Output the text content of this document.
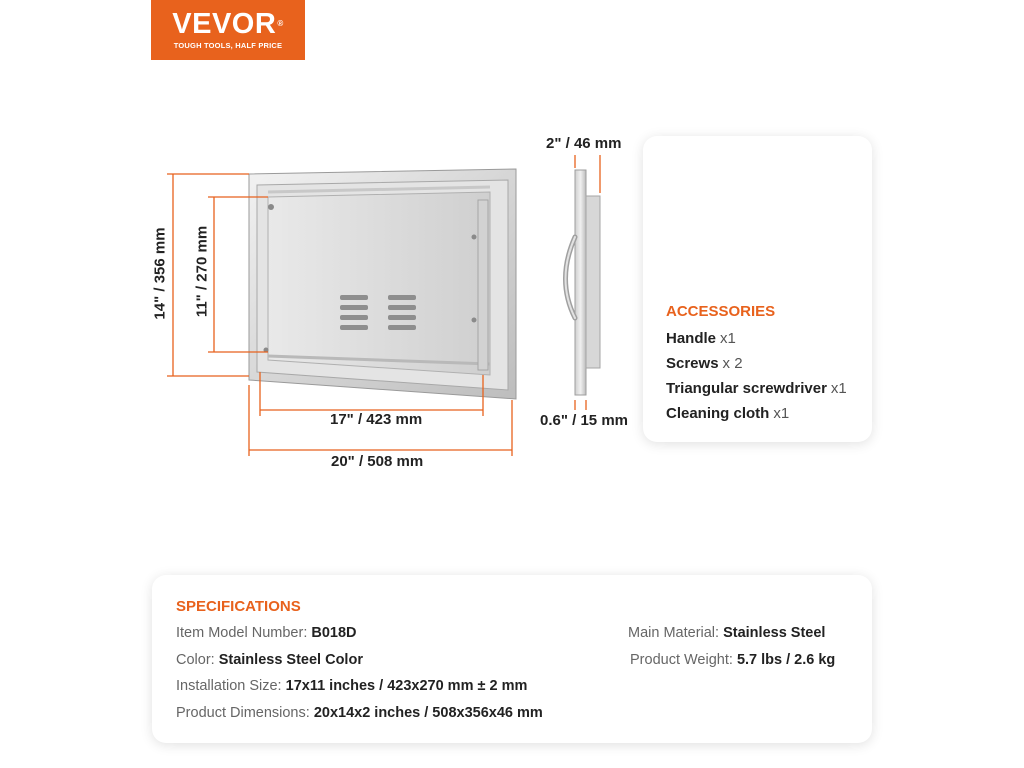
VEVOR®
TOUGH TOOLS, HALF PRICE
14" / 356 mm 11" / 270 mm
17" / 423 mm
20" / 508 mm
2" / 46 mm
0.6" / 15 mm
ACCESSORIES
Handle x1
Screws x 2
Triangular screwdriver x1
Cleaning cloth x1
SPECIFICATIONS
Item Model Number: B018D
Color: Stainless Steel Color
Installation Size: 17x11 inches / 423x270 mm ± 2 mm
Product Dimensions: 20x14x2 inches / 508x356x46 mm
Main Material: Stainless Steel
Product Weight: 5.7 lbs / 2.6 kg
